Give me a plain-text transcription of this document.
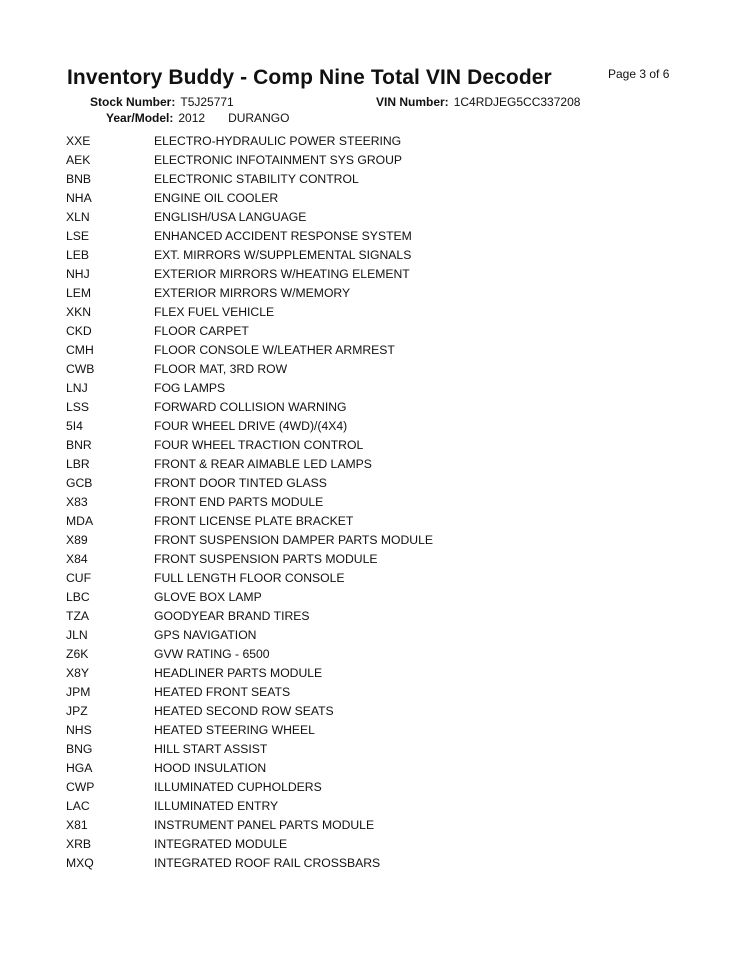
Inventory Buddy - Comp Nine Total VIN Decoder	Page 3 of 6
Stock Number: T5J25771	VIN Number: 1C4RDJEG5CC337208
Year/Model: 2012 DURANGO
XXE	ELECTRO-HYDRAULIC POWER STEERING
AEK	ELECTRONIC INFOTAINMENT SYS GROUP
BNB	ELECTRONIC STABILITY CONTROL
NHA	ENGINE OIL COOLER
XLN	ENGLISH/USA LANGUAGE
LSE	ENHANCED ACCIDENT RESPONSE SYSTEM
LEB	EXT. MIRRORS W/SUPPLEMENTAL SIGNALS
NHJ	EXTERIOR MIRRORS W/HEATING ELEMENT
LEM	EXTERIOR MIRRORS W/MEMORY
XKN	FLEX FUEL VEHICLE
CKD	FLOOR CARPET
CMH	FLOOR CONSOLE W/LEATHER ARMREST
CWB	FLOOR MAT, 3RD ROW
LNJ	FOG LAMPS
LSS	FORWARD COLLISION WARNING
5I4	FOUR WHEEL DRIVE (4WD)/(4X4)
BNR	FOUR WHEEL TRACTION CONTROL
LBR	FRONT & REAR AIMABLE LED LAMPS
GCB	FRONT DOOR TINTED GLASS
X83	FRONT END PARTS MODULE
MDA	FRONT LICENSE PLATE BRACKET
X89	FRONT SUSPENSION DAMPER PARTS MODULE
X84	FRONT SUSPENSION PARTS MODULE
CUF	FULL LENGTH FLOOR CONSOLE
LBC	GLOVE BOX LAMP
TZA	GOODYEAR BRAND TIRES
JLN	GPS NAVIGATION
Z6K	GVW RATING - 6500
X8Y	HEADLINER PARTS MODULE
JPM	HEATED FRONT SEATS
JPZ	HEATED SECOND ROW SEATS
NHS	HEATED STEERING WHEEL
BNG	HILL START ASSIST
HGA	HOOD INSULATION
CWP	ILLUMINATED CUPHOLDERS
LAC	ILLUMINATED ENTRY
X81	INSTRUMENT PANEL PARTS MODULE
XRB	INTEGRATED MODULE
MXQ	INTEGRATED ROOF RAIL CROSSBARS
